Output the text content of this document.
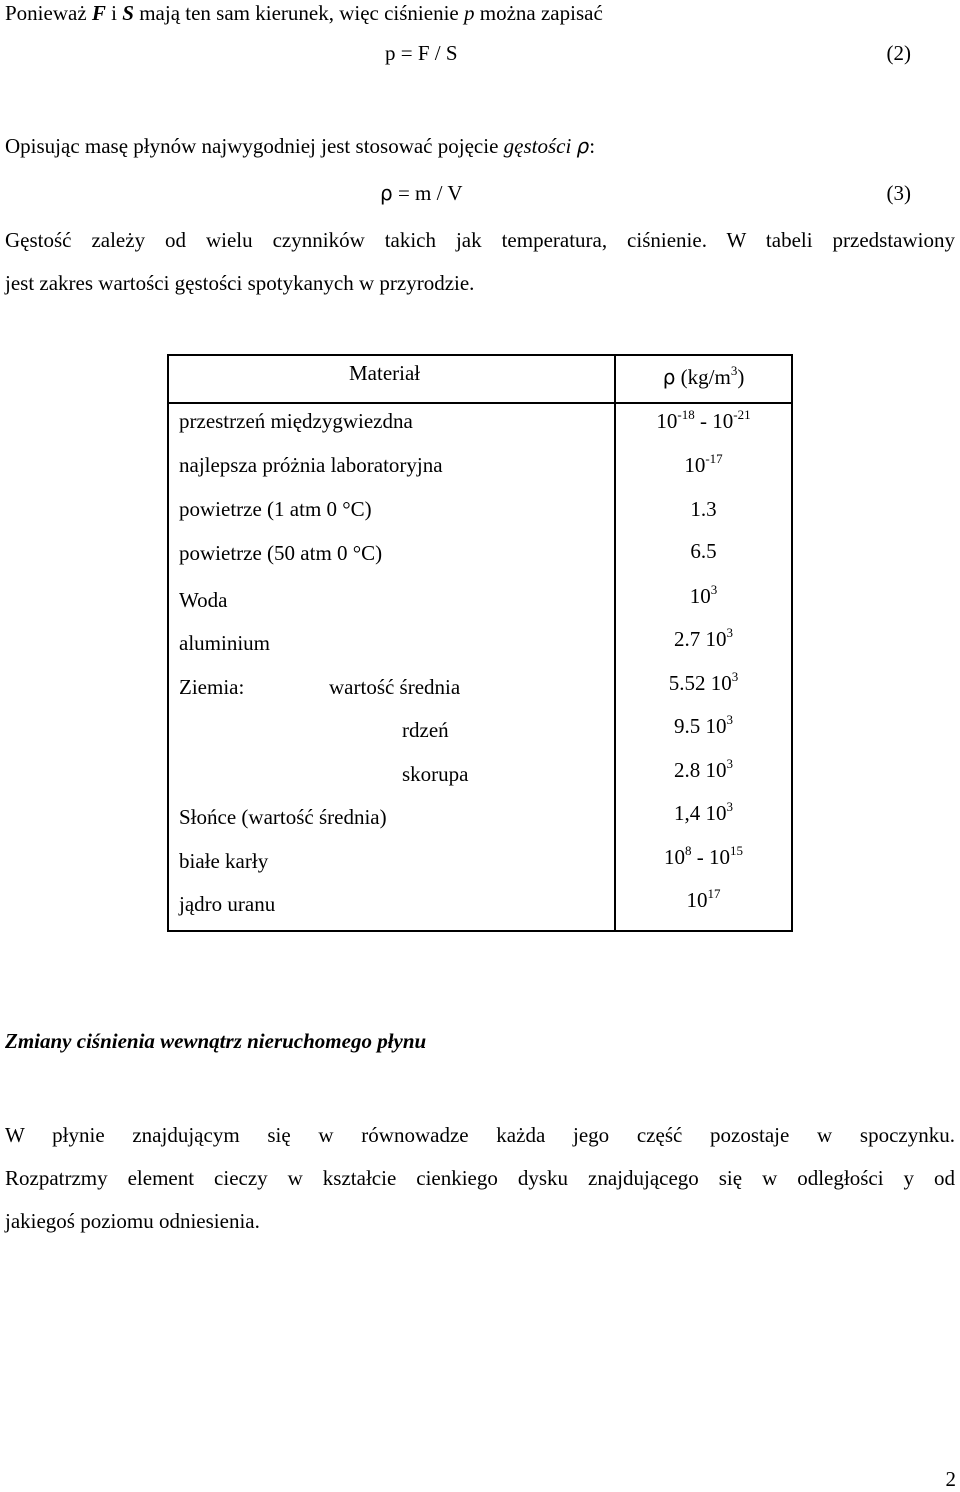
Ponieważ F i S mają ten sam kierunek, więc ciśnienie p można zapisać
p = F / S	(2)
Opisując masę płynów najwygodniej jest stosować pojęcie gęstości ρ:
ρ = m / V	(3)
Gęstość zależy od wielu czynników takich jak temperatura, ciśnienie. W tabeli przedstawiony
jest zakres wartości gęstości spotykanych w przyrodzie.
Materiał	ρ $(kg/m^3)$
przestrzeń międzygwiezdna	$10^{-18} - 10^{-21}$
najlepsza próżnia laboratoryjna	$10^{-17}$
powietrze (1 atm 0 °C)	1.3
powietrze (50 atm 0 °C)	6.5
Woda	$10^3$
aluminium	2.7 $10^3$
Ziemia:	wartość średnia	5.52 $10^3$
rdzeń	9.5 $10^3$
skorupa	2.8 $10^3$
Słońce (wartość średnia)	1,4 $10^3$
białe karły	$10^8 - 10^{15}$
jądro uranu	$10^{17}$
Zmiany ciśnienia wewnątrz nieruchomego płynu
W płynie znajdującym się w równowadze każda jego część pozostaje w spoczynku.
Rozpatrzmy element cieczy w kształcie cienkiego dysku znajdującego się w odległości y od
jakiegoś poziomu odniesienia.
2
